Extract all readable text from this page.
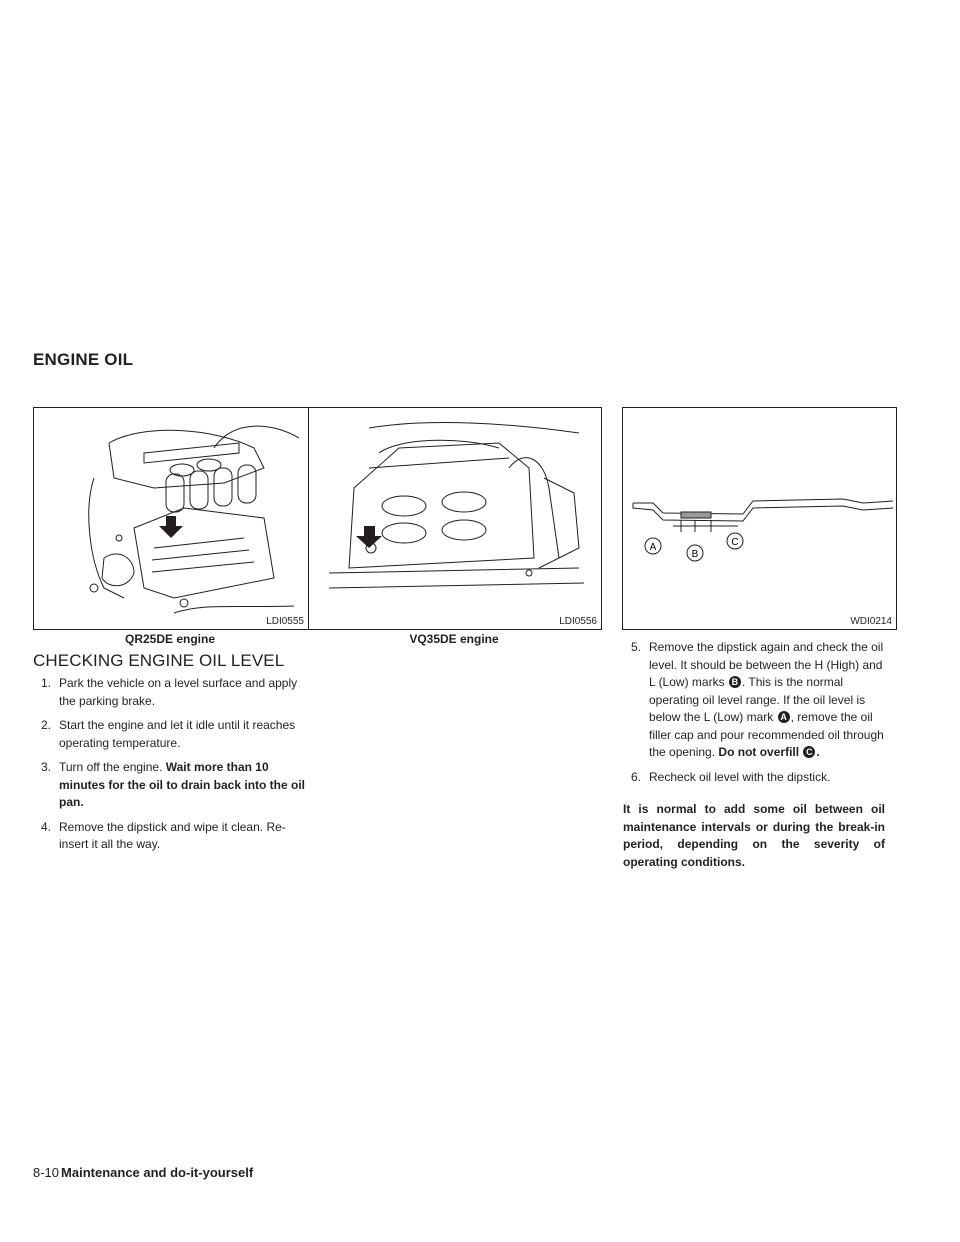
ENGINE OIL
LDI0555
QR25DE engine
LDI0556
VQ35DE engine
A
B
C
WDI0214
CHECKING ENGINE OIL LEVEL
1. Park the vehicle on a level surface and apply the parking brake.
2. Start the engine and let it idle until it reaches operating temperature.
3. Turn off the engine. Wait more than 10 minutes for the oil to drain back into the oil pan.
4. Remove the dipstick and wipe it clean. Re-insert it all the way.
5. Remove the dipstick again and check the oil level. It should be between the H (High) and L (Low) marks B . This is the normal operating oil level range. If the oil level is below the L (Low) mark A , remove the oil filler cap and pour recommended oil through the opening. Do not overfill C .
6. Recheck oil level with the dipstick.
It is normal to add some oil between oil maintenance intervals or during the break-in period, depending on the severity of operating conditions.
8-10 Maintenance and do-it-yourself
